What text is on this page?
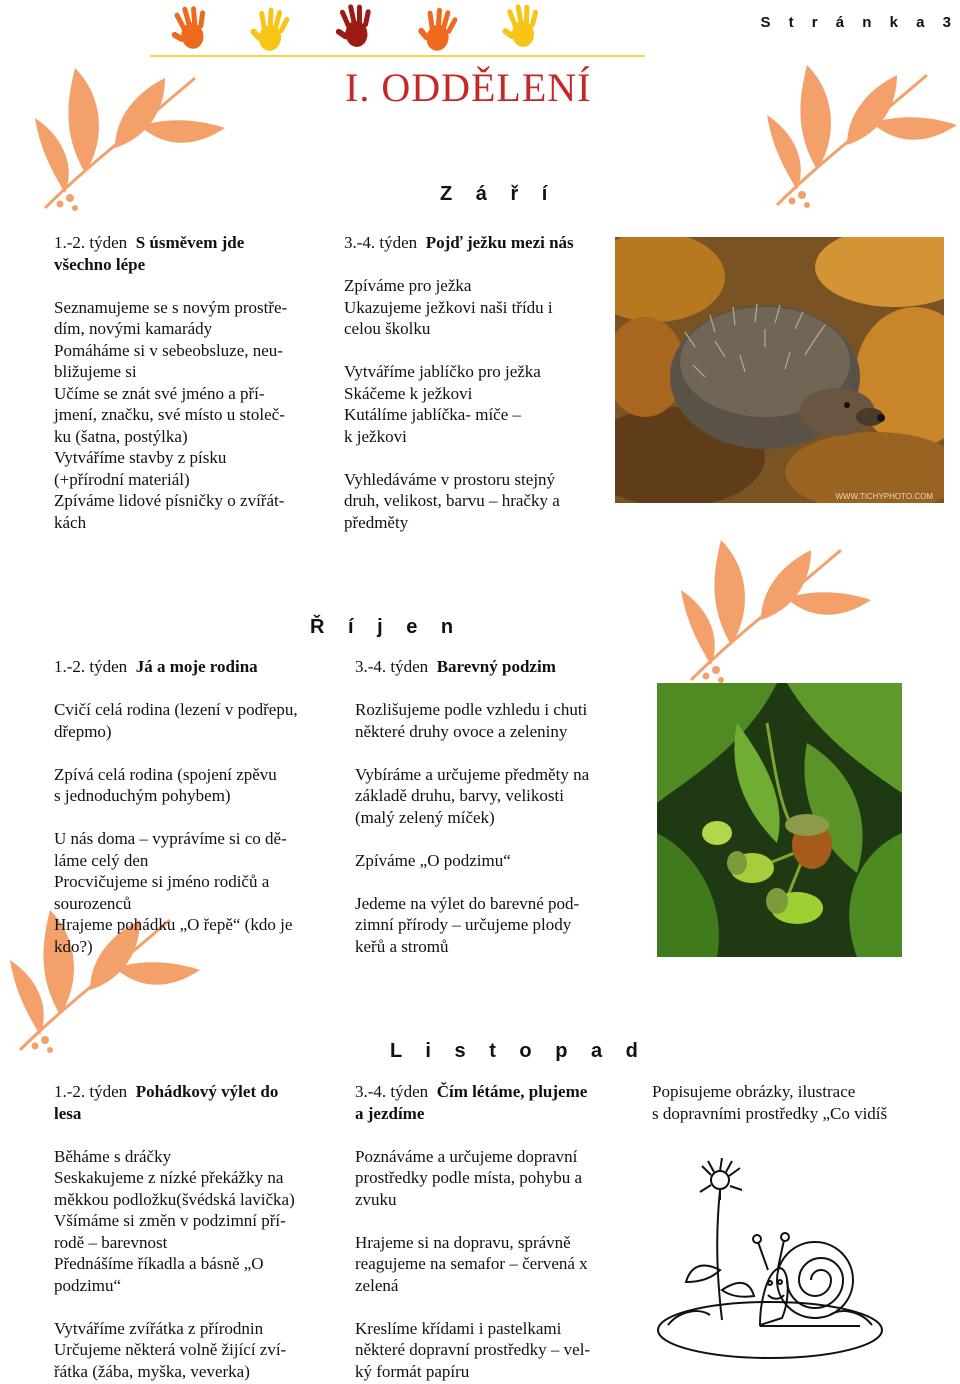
S t r á n k a 3
I. ODDĚLENÍ
Z á ř í

1.-2. týden S úsměvem jde všechno lépe

Seznamujeme se s novým prostře-

dím, novými kamarády

Pomáháme si v sebeobsluze, neu-

bližujeme si

Učíme se znát své jméno a pří-

jmení, značku, své místo u stoleč-

ku (šatna, postýlka)

Vytváříme stavby z písku

(+přírodní materiál)

Zpíváme lidové písničky o zvířát-

kách

3.-4. týden Pojď ježku mezi nás

Zpíváme pro ježka

Ukazujeme ježkovi naši třídu i

celou školku

Vytváříme jablíčko pro ježka

Skáčeme k ježkovi

Kutálíme jablíčka- míče –

k ježkovi

Vyhledáváme v prostoru stejný

druh, velikost, barvu – hračky a

předměty

WWW.TICHYPHOTO.COM
Ř í j e n

1.-2. týden Já a moje rodina

Cvičí celá rodina (lezení v podřepu,

dřepmo)

Zpívá celá rodina (spojení zpěvu

s jednoduchým pohybem)

U nás doma – vyprávíme si co dě-

láme celý den

Procvičujeme si jméno rodičů a

sourozenců

Hrajeme pohádku „O řepě“ (kdo je

kdo?)

3.-4. týden Barevný podzim

Rozlišujeme podle vzhledu i chuti

některé druhy ovoce a zeleniny

Vybíráme a určujeme předměty na

základě druhu, barvy, velikosti

(malý zelený míček)

Zpíváme „O podzimu“

Jedeme na výlet do barevné pod-

zimní přírody – určujeme plody

keřů a stromů

L i s t o p a d

1.-2. týden Pohádkový výlet do

lesa

Běháme s dráčky

Seskakujeme z nízké překážky na

měkkou podložku(švédská lavička)

Všímáme si změn v podzimní pří-

rodě – barevnost

Přednášíme říkadla a básně „O

podzimu“

Vytváříme zvířátka z přírodnin

Určujeme některá volně žijící zví-

řátka (žába, myška, veverka)

3.-4. týden Čím létáme, plujeme

a jezdíme

Poznáváme a určujeme dopravní

prostředky podle místa, pohybu a

zvuku

Hrajeme si na dopravu, správně

reagujeme na semafor – červená x

zelená

Kreslíme křídami i pastelkami

některé dopravní prostředky – vel-

ký formát papíru

Popisujeme obrázky, ilustrace

s dopravními prostředky „Co vidíš
